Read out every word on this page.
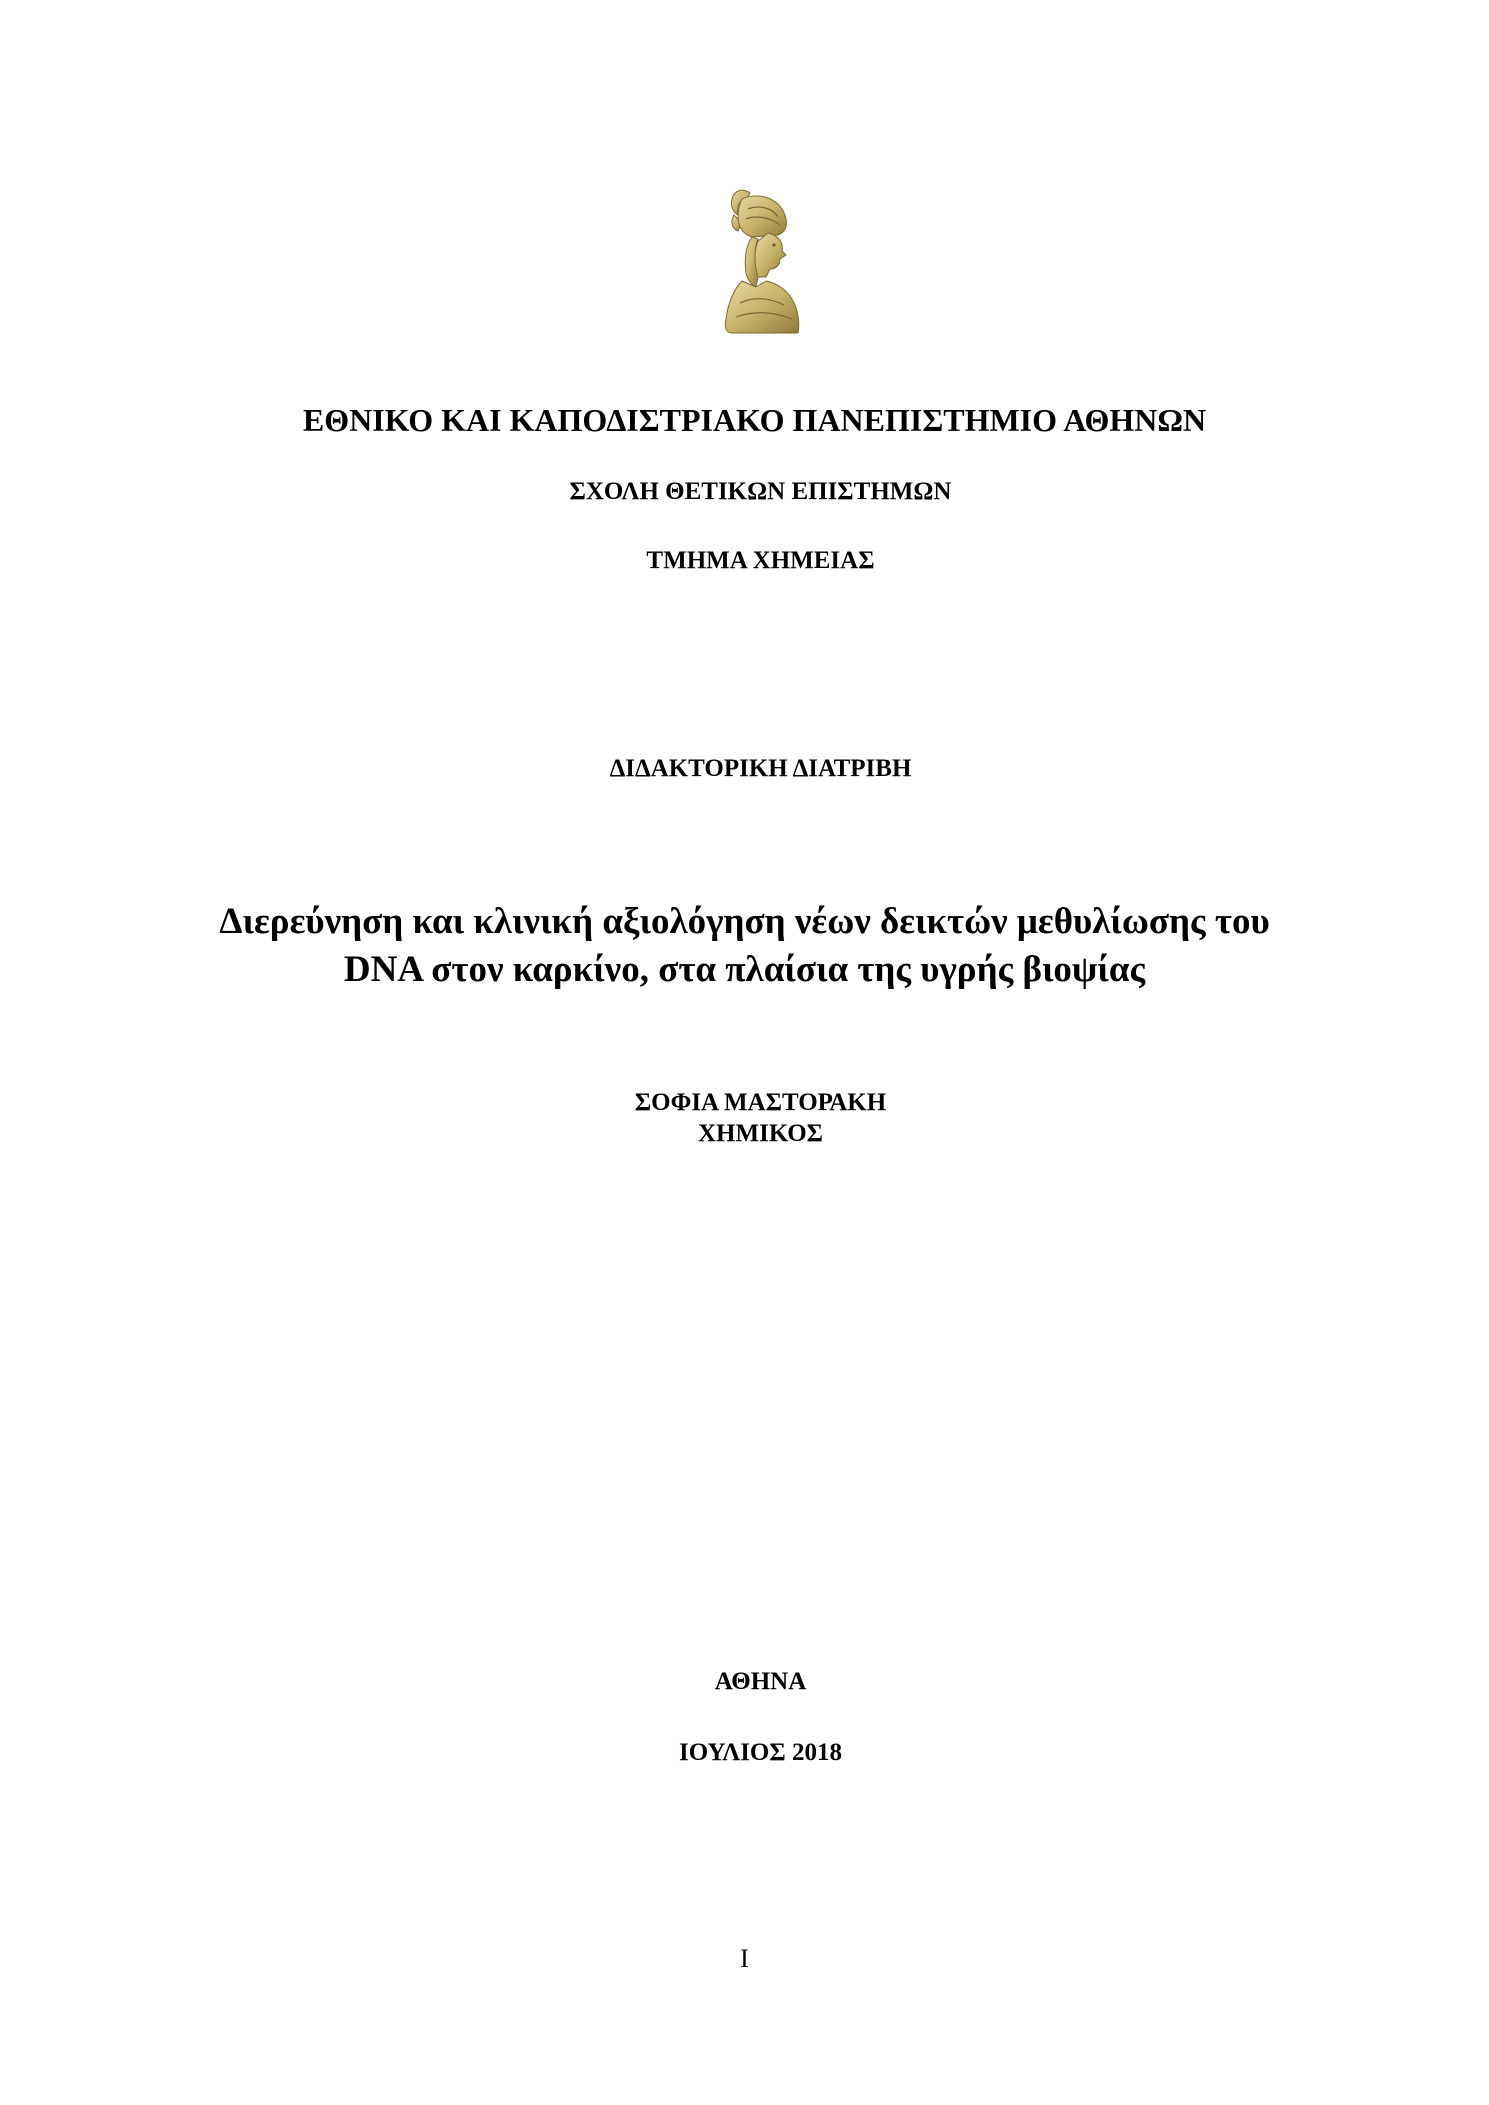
ΕΘΝΙΚΟ ΚΑΙ ΚΑΠΟΔΙΣΤΡΙΑΚΟ ΠΑΝΕΠΙΣΤΗΜΙΟ ΑΘΗΝΩΝ
ΣΧΟΛΗ ΘΕΤΙΚΩΝ ΕΠΙΣΤΗΜΩΝ
ΤΜΗΜΑ ΧΗΜΕΙΑΣ
ΔΙΔΑΚΤΟΡΙΚΗ ΔΙΑΤΡΙΒΗ
Διερεύνηση και κλινική αξιολόγηση νέων δεικτών μεθυλίωσης του
DNA στον καρκίνο, στα πλαίσια της υγρής βιοψίας
ΣΟΦΙΑ ΜΑΣΤΟΡΑΚΗ
ΧΗΜΙΚΟΣ
ΑΘΗΝΑ
ΙΟΥΛΙΟΣ 2018
I
